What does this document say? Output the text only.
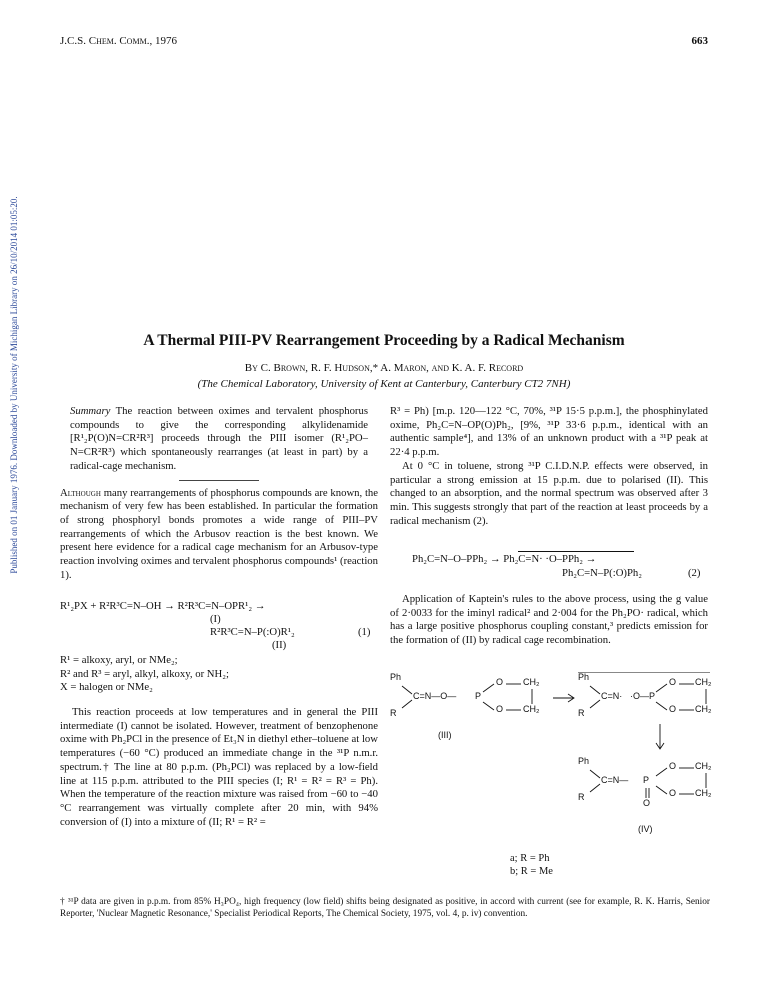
J.C.S. Chem. Comm., 1976	663
Published on 01 January 1976. Downloaded by University of Michigan Library on 26/10/2014 01:05:20.	A Thermal PIII-PV Rearrangement Proceeding by a Radical Mechanism
By C. Brown, R. F. Hudson,* A. Maron, and K. A. F. Record
(The Chemical Laboratory, University of Kent at Canterbury, Canterbury CT2 7NH)

Summary The reaction between oximes and tervalent phosphorus compounds to give the corresponding alkylidenamide [R¹₂P(O)N=CR²R³] proceeds through the PIII isomer (R¹₂PO–N=CR²R³) which spontaneously rearranges (at least in part) by a radical-cage mechanism.

Although many rearrangements of phosphorus compounds are known, the mechanism of very few has been established. In particular the formation of strong phosphoryl bonds promotes a wide range of PIII–PV rearrangements of which the Arbusov reaction is the best known. We present here evidence for a radical cage mechanism for an Arbusov-type reaction involving oximes and tervalent phosphorus compounds¹ (reaction 1).

R¹₂PX + R²R³C=N–OH → R²R³C=N–OPR¹₂ →
(I)
R²R³C=N–P(:O)R¹₂	(1)
(II)
R¹ = alkoxy, aryl, or NMe₂;
R² and R³ = aryl, alkyl, alkoxy, or NH₂;
X = halogen or NMe₂

This reaction proceeds at low temperatures and in general the PIII intermediate (I) cannot be isolated. However, treatment of benzophenone oxime with Ph₂PCl in the presence of Et₃N in diethyl ether–toluene at low temperatures (−60 °C) produced an immediate change in the ³¹P n.m.r. spectrum.† The line at 80 p.p.m. (Ph₂PCl) was replaced by a low-field line at 115 p.p.m. attributed to the PIII species (I; R¹ = R² = R³ = Ph). When the temperature of the reaction mixture was raised from −60 to −40 °C rearrangement was virtually complete after 20 min, with 94% conversion of (I) into a mixture of (II; R¹ = R² =

R³ = Ph) [m.p. 120—122 °C, 70%, ³¹P 15·5 p.p.m.], the phosphinylated oxime, Ph₂C=N–OP(O)Ph₂, [9%, ³¹P 33·6 p.p.m., identical with an authentic sample⁴], and 13% of an unknown product with a ³¹P peak at 22·4 p.p.m.

At 0 °C in toluene, strong ³¹P C.I.D.N.P. effects were observed, in particular a strong emission at 15 p.p.m. due to polarised (II). This changed to an absorption, and the normal spectrum was observed after 3 min. This suggests strongly that part of the reaction at least proceeds by a radical mechanism (2).

Ph₂C=N–O–PPh₂ → Ph₂C=N· ·O–PPh₂ →
Ph₂C=N–P(:O)Ph₂	(2)

Application of Kaptein's rules to the above process, using the g value of 2·0033 for the iminyl radical² and 2·004 for the Ph₂PO· radical, which has a large positive phosphorus coupling constant,³ predicts emission for the formation of (II) by radical cage recombination.

Ph
R
C=N—O— P
O
O
CH₂
CH₂
(III)
Ph
R
C=N· ·O— P
O
O
CH₂
CH₂
Ph
R
C=N— P
O
O
O
CH₂
CH₂
(IV)
a; R = Ph
b; R = Me
† ³¹P data are given in p.p.m. from 85% H₃PO₄, high frequency (low field) shifts being designated as positive, in accord with current (see for example, R. K. Harris, Senior Reporter, 'Nuclear Magnetic Resonance,' Specialist Periodical Reports, The Chemical Society, 1975, vol. 4, p. iv) convention.
